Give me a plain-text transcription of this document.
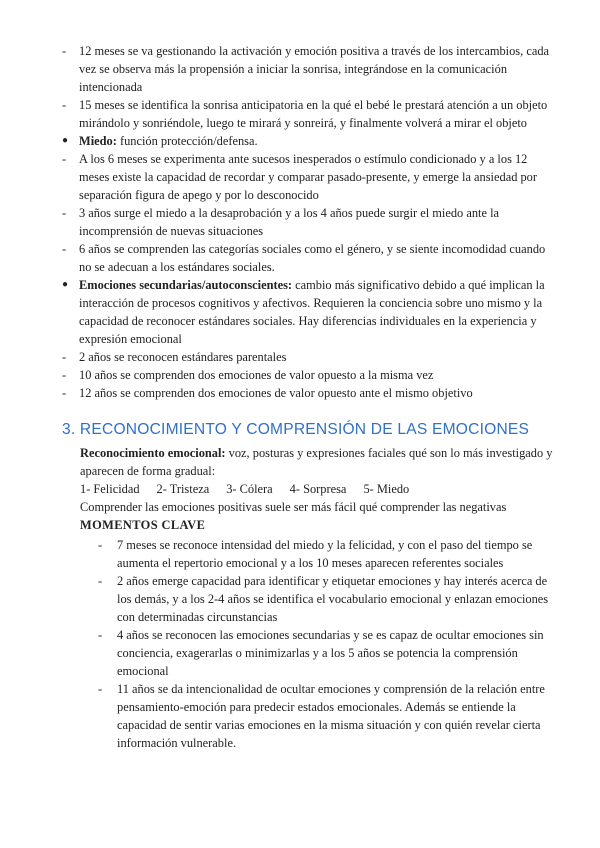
- 12 meses se va gestionando la activación y emoción positiva a través de los intercambios, cada vez se observa más la propensión a iniciar la sonrisa, integrándose en la comunicación intencionada
- 15 meses se identifica la sonrisa anticipatoria en la qué el bebé le prestará atención a un objeto mirándolo y sonriéndole, luego te mirará y sonreirá, y finalmente volverá a mirar el objeto
● Miedo: función protección/defensa.
- A los 6 meses se experimenta ante sucesos inesperados o estímulo condicionado y a los 12 meses existe la capacidad de recordar y comparar pasado-presente, y emerge la ansiedad por separación figura de apego y por lo desconocido
- 3 años surge el miedo a la desaprobación y a los 4 años puede surgir el miedo ante la incomprensión de nuevas situaciones
- 6 años se comprenden las categorías sociales como el género, y se siente incomodidad cuando no se adecuan a los estándares sociales.
● Emociones secundarias/autoconscientes: cambio más significativo debido a qué implican la interacción de procesos cognitivos y afectivos. Requieren la conciencia sobre uno mismo y la capacidad de reconocer estándares sociales. Hay diferencias individuales en la experiencia y expresión emocional
- 2 años se reconocen estándares parentales
- 10 años se comprenden dos emociones de valor opuesto a la misma vez
- 12 años se comprenden dos emociones de valor opuesto ante el mismo objetivo
3. RECONOCIMIENTO Y COMPRENSIÓN DE LAS EMOCIONES

Reconocimiento emocional: voz, posturas y expresiones faciales qué son lo más investigado y aparecen de forma gradual:

1- Felicidad 2- Tristeza 3- Cólera 4- Sorpresa 5- Miedo

Comprender las emociones positivas suele ser más fácil qué comprender las negativas

MOMENTOS CLAVE

- 7 meses se reconoce intensidad del miedo y la felicidad, y con el paso del tiempo se aumenta el repertorio emocional y a los 10 meses aparecen referentes sociales
- 2 años emerge capacidad para identificar y etiquetar emociones y hay interés acerca de los demás, y a los 2-4 años se identifica el vocabulario emocional y enlazan emociones con determinadas circunstancias
- 4 años se reconocen las emociones secundarias y se es capaz de ocultar emociones sin conciencia, exagerarlas o minimizarlas y a los 5 años se potencia la comprensión emocional
- 11 años se da intencionalidad de ocultar emociones y comprensión de la relación entre pensamiento-emoción para predecir estados emocionales. Además se entiende la capacidad de sentir varias emociones en la misma situación y con quién revelar cierta información vulnerable.
